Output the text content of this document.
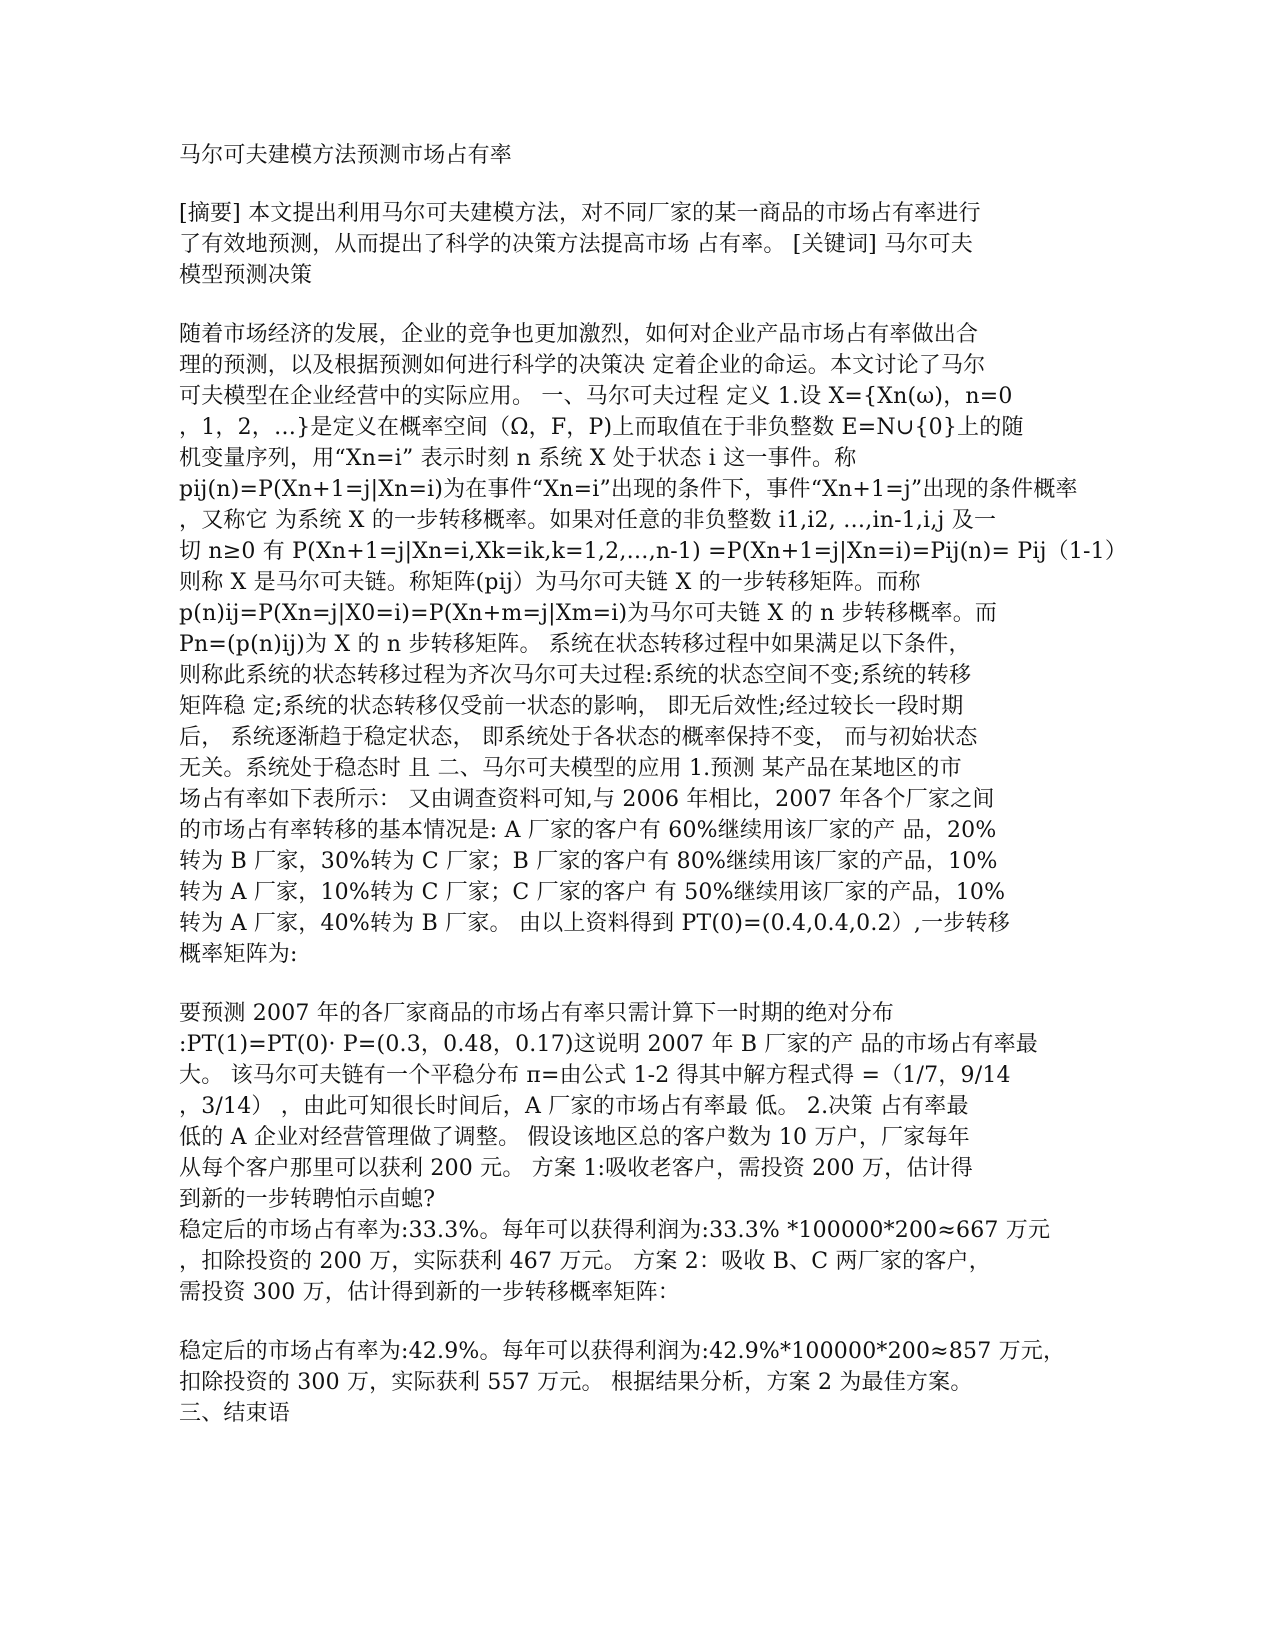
马尔可夫建模方法预测市场占有率
[摘要] 本文提出利用马尔可夫建模方法，对不同厂家的某一商品的市场占有率进行
了有效地预测，从而提出了科学的决策方法提高市场 占有率。 [关键词] 马尔可夫
模型预测决策
随着市场经济的发展，企业的竞争也更加激烈，如何对企业产品市场占有率做出合
理的预测，以及根据预测如何进行科学的决策决 定着企业的命运。本文讨论了马尔
可夫模型在企业经营中的实际应用。 一、马尔可夫过程 定义 1.设 X={Xn(ω)，n=0
，1，2，…}是定义在概率空间（Ω，F，P)上而取值在于非负整数 E=N∪{0}上的随
机变量序列，用“Xn=i” 表示时刻 n 系统 X 处于状态 i 这一事件。称
pij(n)=P(Xn+1=j|Xn=i)为在事件“Xn=i”出现的条件下，事件“Xn+1=j”出现的条件概率
，又称它 为系统 X 的一步转移概率。如果对任意的非负整数 i1,i2, …,in-1,i,j 及一
切 n≥0 有 P(Xn+1=j|Xn=i,Xk=ik,k=1,2,…,n-1) =P(Xn+1=j|Xn=i)=Pij(n)= Pij（1-1）
则称 X 是马尔可夫链。称矩阵(pij）为马尔可夫链 X 的一步转移矩阵。而称
p(n)ij=P(Xn=j|X0=i)=P(Xn+m=j|Xm=i)为马尔可夫链 X 的 n 步转移概率。而
Pn=(p(n)ij)为 X 的 n 步转移矩阵。 系统在状态转移过程中如果满足以下条件，
则称此系统的状态转移过程为齐次马尔可夫过程:系统的状态空间不变;系统的转移
矩阵稳 定;系统的状态转移仅受前一状态的影响， 即无后效性;经过较长一段时期
后， 系统逐渐趋于稳定状态， 即系统处于各状态的概率保持不变， 而与初始状态
无关。系统处于稳态时 且 二、马尔可夫模型的应用 1.预测 某产品在某地区的市
场占有率如下表所示： 又由调查资料可知,与 2006 年相比，2007 年各个厂家之间
的市场占有率转移的基本情况是: A 厂家的客户有 60%继续用该厂家的产 品，20%
转为 B 厂家，30%转为 C 厂家；B 厂家的客户有 80%继续用该厂家的产品，10%
转为 A 厂家，10%转为 C 厂家；C 厂家的客户 有 50%继续用该厂家的产品，10%
转为 A 厂家，40%转为 B 厂家。 由以上资料得到 PT(0)=(0.4,0.4,0.2）,一步转移
概率矩阵为:
要预测 2007 年的各厂家商品的市场占有率只需计算下一时期的绝对分布
:PT(1)=PT(0)· P=(0.3，0.48，0.17)这说明 2007 年 B 厂家的产 品的市场占有率最
大。 该马尔可夫链有一个平稳分布 π=由公式 1-2 得其中解方程式得 =（1/7，9/14
，3/14） ，由此可知很长时间后，A 厂家的市场占有率最 低。 2.决策 占有率最
低的 A 企业对经营管理做了调整。 假设该地区总的客户数为 10 万户，厂家每年
从每个客户那里可以获利 200 元。 方案 1:吸收老客户，需投资 200 万，估计得
到新的一步转聘怕示卣螅?
稳定后的市场占有率为:33.3%。每年可以获得利润为:33.3% *100000*200≈667 万元
，扣除投资的 200 万，实际获利 467 万元。 方案 2：吸收 B、C 两厂家的客户，
需投资 300 万，估计得到新的一步转移概率矩阵：
稳定后的市场占有率为:42.9%。每年可以获得利润为:42.9%*100000*200≈857 万元，
扣除投资的 300 万，实际获利 557 万元。 根据结果分析，方案 2 为最佳方案。
三、结束语
